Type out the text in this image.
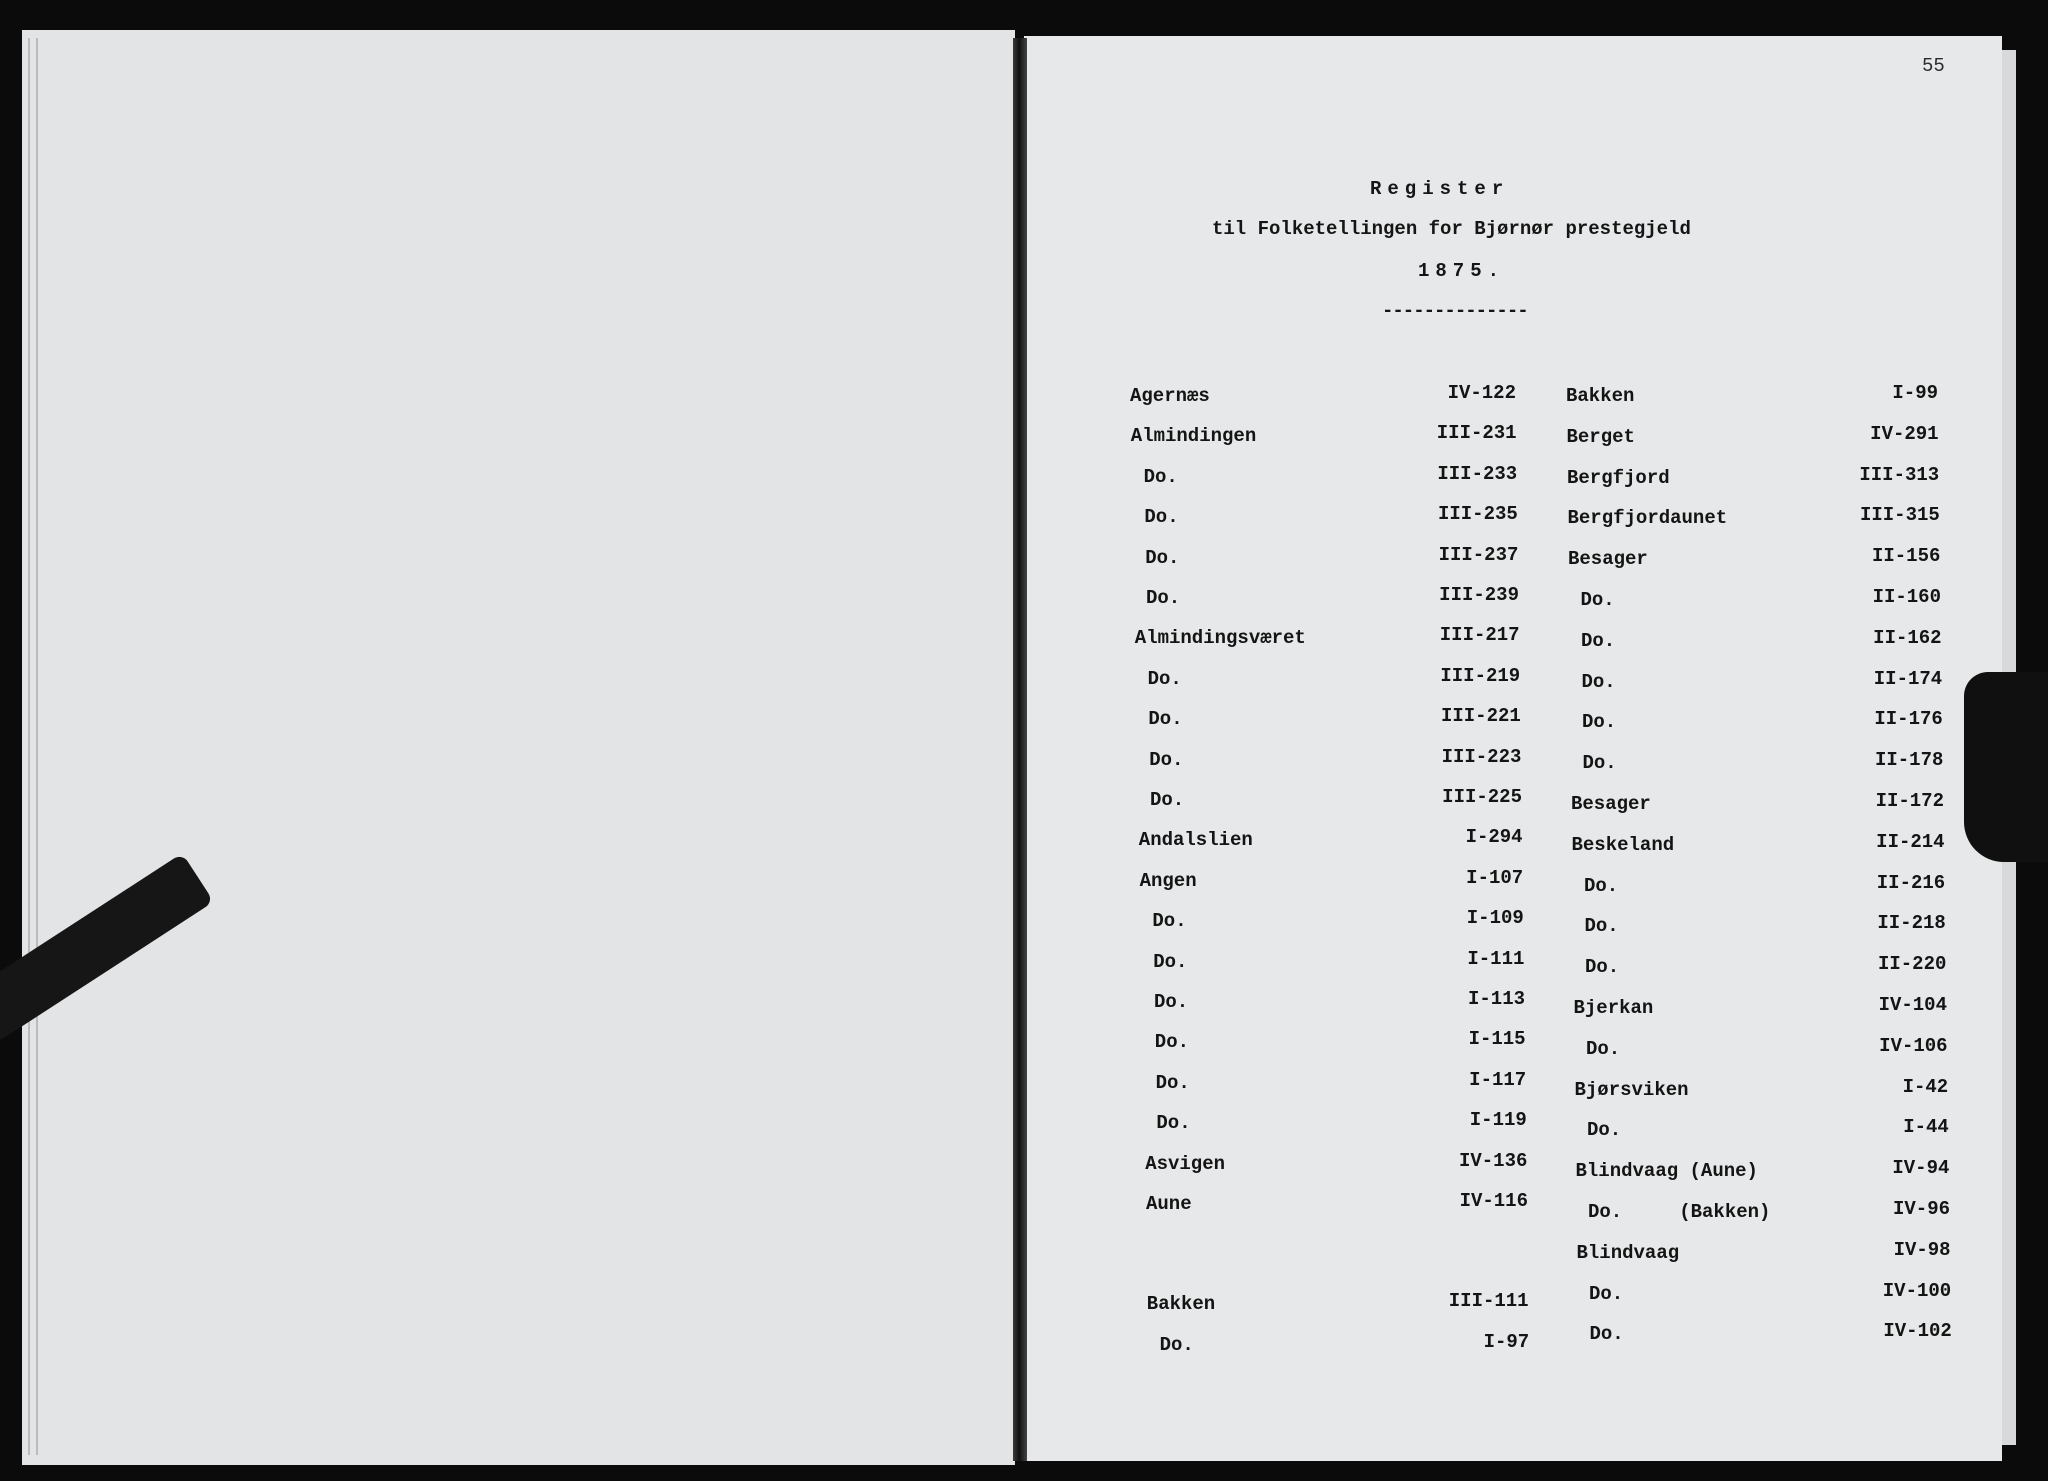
55
Register
til Folketellingen for Bjørnør prestegjeld
1875.
--------------
Agernæs	IV-122
Almindingen	III-231
Do.	III-233
Do.	III-235
Do.	III-237
Do.	III-239
Almindingsværet	III-217
Do.	III-219
Do.	III-221
Do.	III-223
Do.	III-225
Andalslien	I-294
Angen	I-107
Do.	I-109
Do.	I-111
Do.	I-113
Do.	I-115
Do.	I-117
Do.	I-119
Asvigen	IV-136
Aune	IV-116
Bakken	III-111
Do.	I-97
Bakken	I-99
Berget	IV-291
Bergfjord	III-313
Bergfjordaunet	III-315
Besager	II-156
Do.	II-160
Do.	II-162
Do.	II-174
Do.	II-176
Do.	II-178
Besager	II-172
Beskeland	II-214
Do.	II-216
Do.	II-218
Do.	II-220
Bjerkan	IV-104
Do.	IV-106
Bjørsviken	I-42
Do.	I-44
Blindvaag (Aune)	IV-94
Do.     (Bakken)	IV-96
Blindvaag	IV-98
Do.	IV-100
Do.	IV-102
